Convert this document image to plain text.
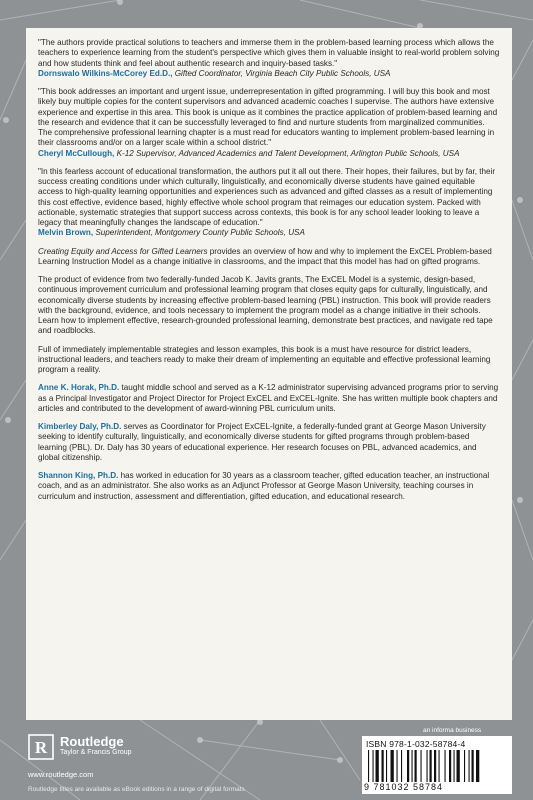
"The authors provide practical solutions to teachers and immerse them in the problem-based learning process which allows the teachers to experience learning from the student's perspective which gives them in valuable insight to real-world problem solving and how students think and feel about authentic research and inquiry-based tasks."

Dornswalo Wilkins-McCorey Ed.D., Gifted Coordinator, Virginia Beach City Public Schools, USA

"This book addresses an important and urgent issue, underrepresentation in gifted programming. I will buy this book and most likely buy multiple copies for the content supervisors and advanced academic coaches I supervise. The authors have extensive experience and expertise in this area. This book is unique as it combines the practice application of problem-based learning and the research and evidence that it can be successfully leveraged to find and nurture students from marginalized communities. The comprehensive professional learning chapter is a must read for educators wanting to implement problem-based learning in their classrooms and/or on a larger scale within a school district."

Cheryl McCullough, K-12 Supervisor, Advanced Academics and Talent Development, Arlington Public Schools, USA

"In this fearless account of educational transformation, the authors put it all out there. Their hopes, their failures, but by far, their success creating conditions under which culturally, linguistically, and economically diverse students have gained equitable access to high-quality learning opportunities and experiences such as advanced and gifted classes as a result of implementing this cost effective, evidence based, highly effective whole school program that reimages our education system. Packed with actionable, systematic strategies that support success across contexts, this book is for any school leader looking to leave a legacy that meaningfully changes the landscape of education."

Melvin Brown, Superintendent, Montgomery County Public Schools, USA

Creating Equity and Access for Gifted Learners provides an overview of how and why to implement the ExCEL Problem-based Learning Instruction Model as a change initiative in classrooms, and the impact that this model has had on gifted programs.

The product of evidence from two federally-funded Jacob K. Javits grants, The ExCEL Model is a systemic, design-based, continuous improvement curriculum and professional learning program that closes equity gaps for culturally, linguistically, and economically diverse students by increasing effective problem-based learning (PBL) instruction. This book will provide readers with the background, evidence, and tools necessary to implement the program model as a change initiative in their schools. Learn how to implement effective, research-grounded professional learning, demonstrate best practices, and navigate red tape and roadblocks.

Full of immediately implementable strategies and lesson examples, this book is a must have resource for district leaders, instructional leaders, and teachers ready to make their dream of implementing an equitable and effective professional learning program a reality.

Anne K. Horak, Ph.D. taught middle school and served as a K-12 administrator supervising advanced programs prior to serving as a Principal Investigator and Project Director for Project ExCEL and ExCEL-Ignite. She has written multiple book chapters and articles and contributed to the development of award-winning PBL curriculum units.

Kimberley Daly, Ph.D. serves as Coordinator for Project ExCEL-Ignite, a federally-funded grant at George Mason University seeking to identify culturally, linguistically, and economically diverse students for gifted programs through problem-based learning (PBL). Dr. Daly has 30 years of educational experience. Her research focuses on PBL, advanced academics, and global citizenship.

Shannon King, Ph.D. has worked in education for 30 years as a classroom teacher, gifted education teacher, an instructional coach, and as an administrator. She also works as an Adjunct Professor at George Mason University, teaching courses in curriculum and instruction, assessment and differentiation, gifted education, and educational research.

R Routledge
Taylor & Francis Group
www.routledge.com
Routledge titles are available as eBook editions in a range of digital formats
an informa business
ISBN 978-1-032-58784-4
9 781032 58784
